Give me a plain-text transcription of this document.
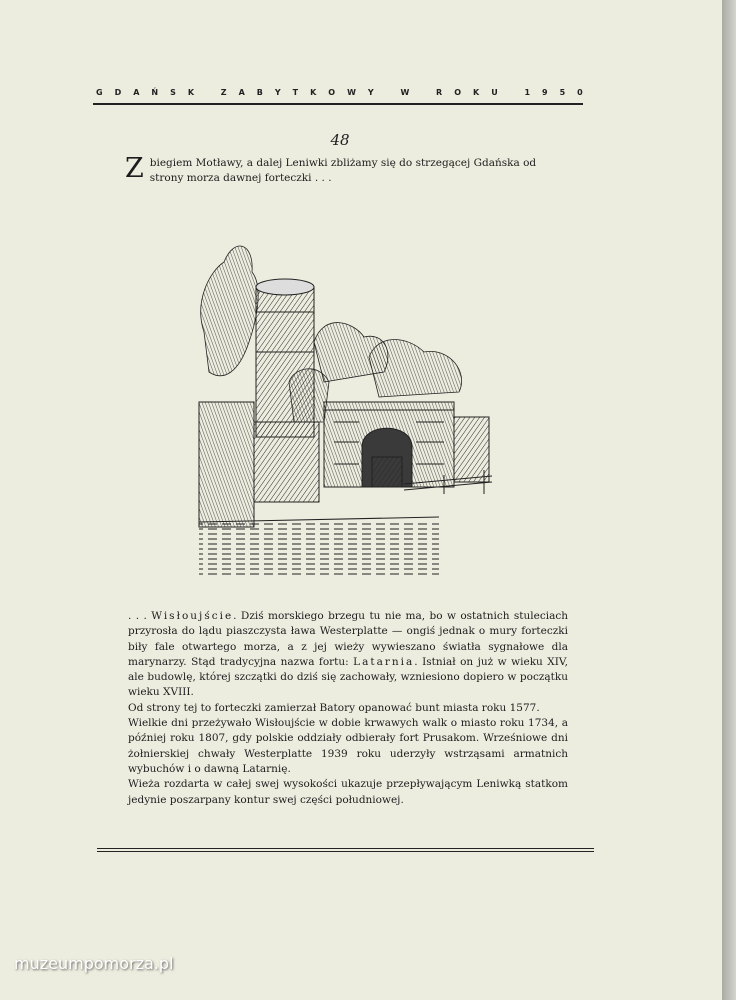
G D A Ń S K
	Z A B Y T K O W Y
	W
	R O K U
	1 9 5 0
48
Z biegiem Motławy, a dalej Leniwki zbliżamy się do strzegącej Gdańska od strony morza dawnej forteczki . . .

. . . Wisłoujście. Dziś morskiego brzegu tu nie ma, bo w ostatnich stuleciach przyrosła do lądu piaszczysta ława Westerplatte — ongiś jednak o mury forteczki biły fale otwartego morza, a z jej wieży wywieszano światła sygnałowe dla marynarzy. Stąd tradycyjna nazwa fortu: Latarnia. Istniał on już w wieku XIV, ale budowlę, której szczątki do dziś się zachowały, wzniesiono dopiero w początku wieku XVIII.

Od strony tej to forteczki zamierzał Batory opanować bunt miasta roku 1577.

Wielkie dni przeżywało Wisłoujście w dobie krwawych walk o miasto roku 1734, a później roku 1807, gdy polskie oddziały odbierały fort Prusakom. Wrześniowe dni żołnierskiej chwały Westerplatte 1939 roku uderzyły wstrząsami armatnich wybuchów i o dawną Latarnię.

Wieża rozdarta w całej swej wysokości ukazuje przepływającym Leniwką statkom jedynie poszarpany kontur swej części południowej.

muzeumpomorza.pl
